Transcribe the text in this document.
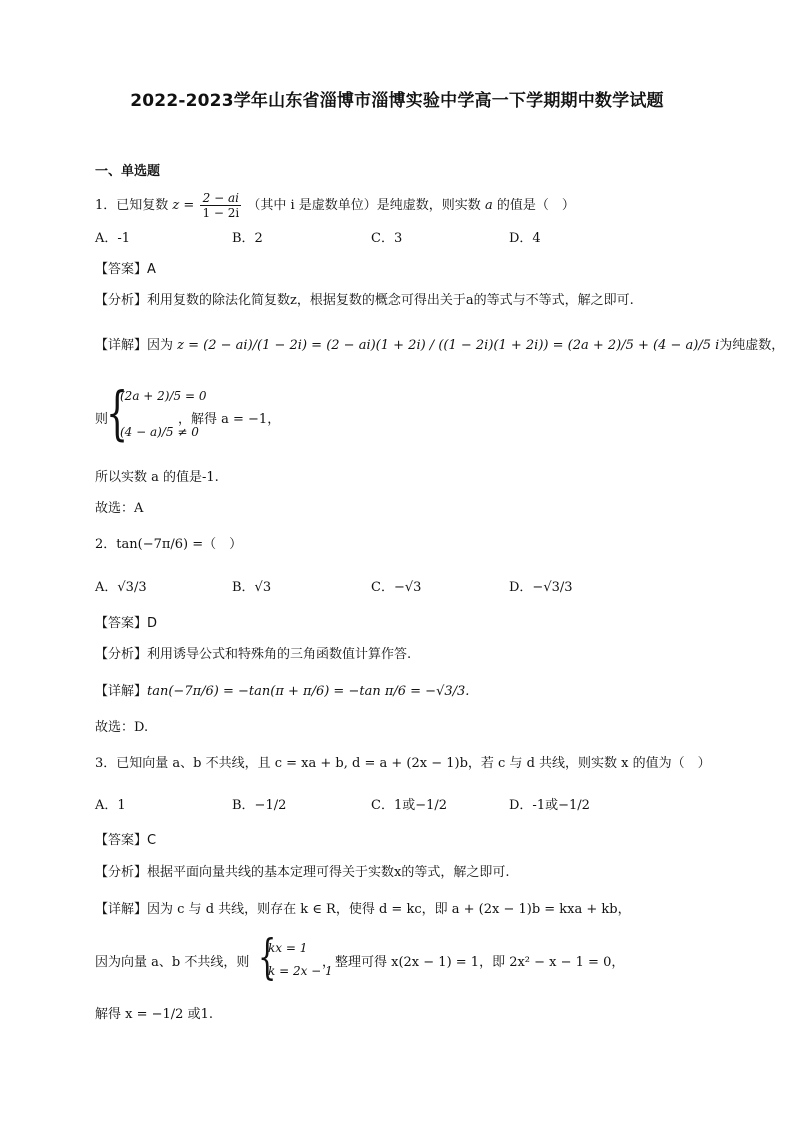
2022-2023学年山东省淄博市淄博实验中学高一下学期期中数学试题
一、单选题
1．已知复数 $z = \frac{2 - ai}{1 - 2i}$ （其中 i 是虚数单位）是纯虚数，则实数 a 的值是（　）
A．-1	B．2	C．3	D．4
【答案】A
【分析】利用复数的除法化简复数z，根据复数的概念可得出关于a的等式与不等式，解之即可.
【详解】因为 z = (2 − ai)/(1 − 2i) = (2 − ai)(1 + 2i) / ((1 − 2i)(1 + 2i)) = (2a + 2)/5 + (4 − a)/5 i为纯虚数，
则
{
(2a + 2)/5 = 0
(4 − a)/5 ≠ 0
，解得 a = −1，
所以实数 a 的值是-1.
故选：A
2．tan(−7π/6) =（　）
A．√3/3	B．√3	C．−√3	D．−√3/3
【答案】D
【分析】利用诱导公式和特殊角的三角函数值计算作答.
【详解】tan(−7π/6) = −tan(π + π/6) = −tan π/6 = −√3/3.
故选：D.
3．已知向量 a、b 不共线，且 c = xa + b, d = a + (2x − 1)b，若 c 与 d 共线，则实数 x 的值为（　）
A．1	B．−1/2	C．1或−1/2	D．-1或−1/2
【答案】C
【分析】根据平面向量共线的基本定理可得关于实数x的等式，解之即可.
【详解】因为 c 与 d 共线，则存在 k ∈ R，使得 d = kc，即 a + (2x − 1)b = kxa + kb，
因为向量 a、b 不共线，则 {
kx = 1
k = 2x − 1
，整理可得 x(2x − 1) = 1，即 2x² − x − 1 = 0，
解得 x = −1/2 或1.
